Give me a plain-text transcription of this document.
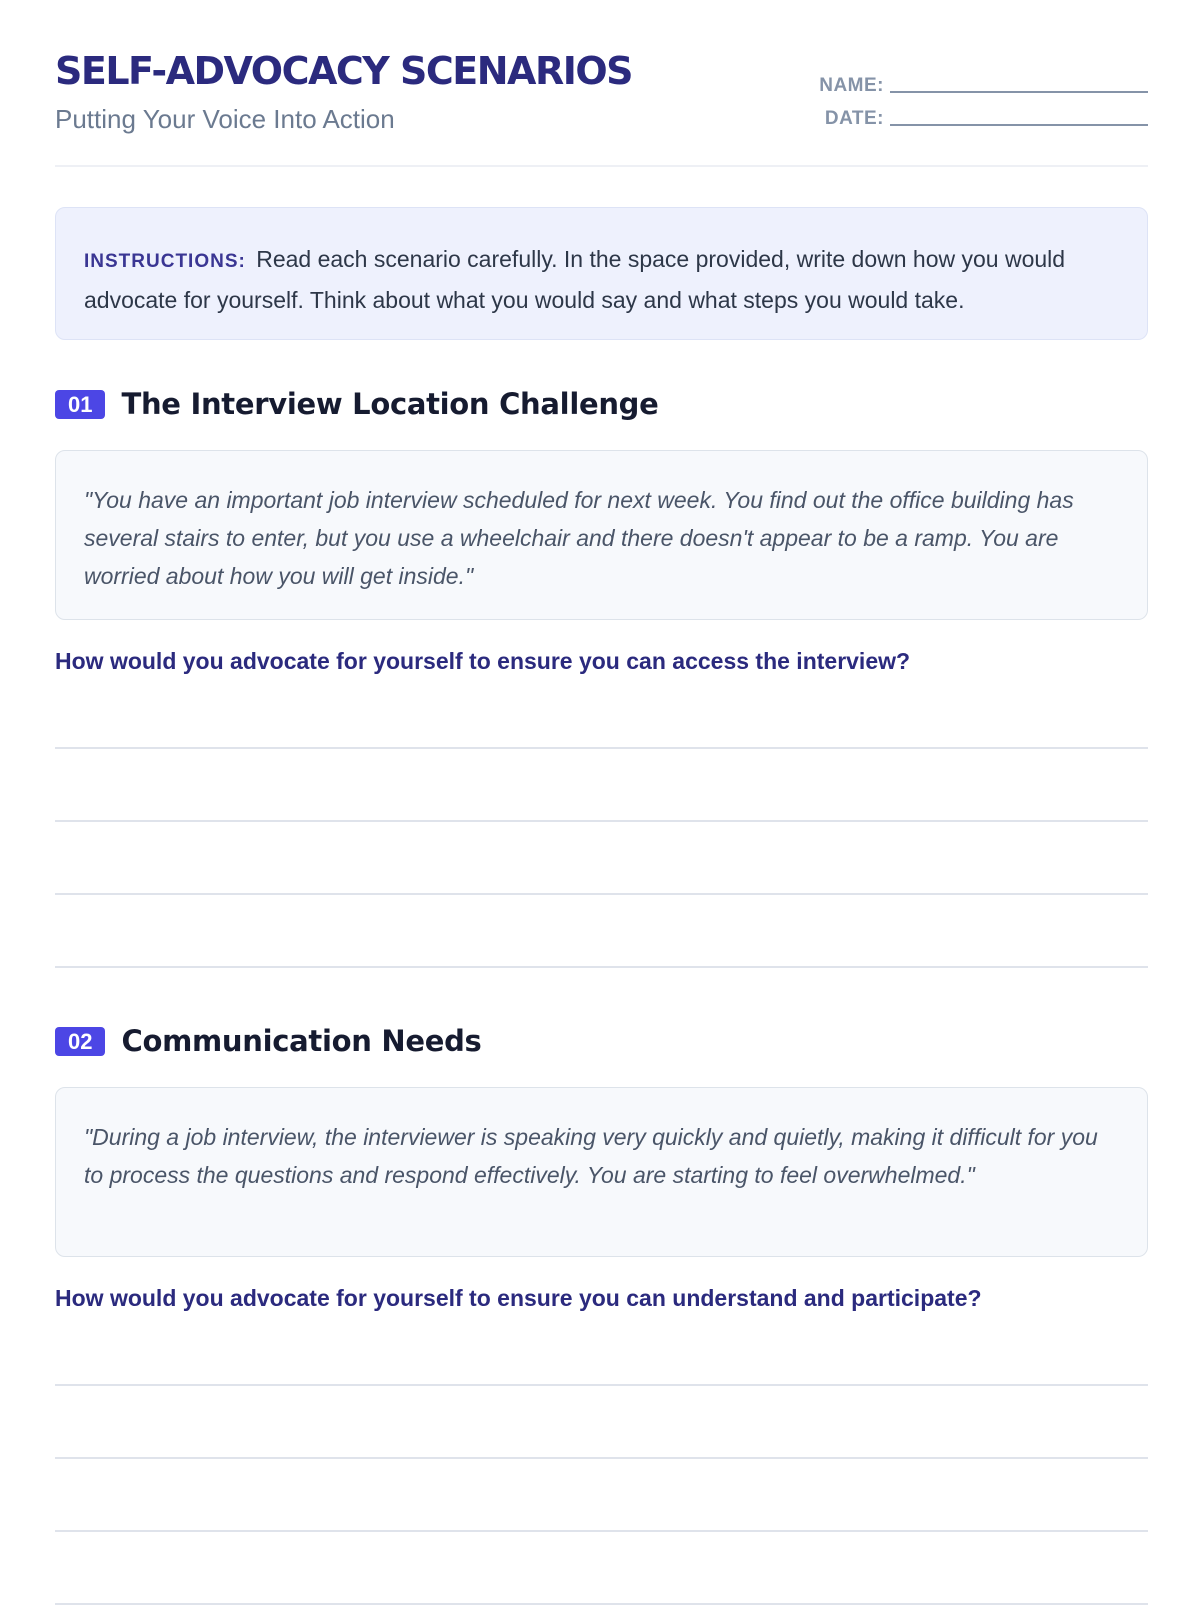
SELF-ADVOCACY SCENARIOS
Putting Your Voice Into Action
NAME:
DATE:
INSTRUCTIONS: Read each scenario carefully. In the space provided, write down how you would advocate for yourself. Think about what you would say and what steps you would take.
01	The Interview Location Challenge
"You have an important job interview scheduled for next week. You find out the office building has several stairs to enter, but you use a wheelchair and there doesn't appear to be a ramp. You are worried about how you will get inside."
How would you advocate for yourself to ensure you can access the interview?
02	Communication Needs
"During a job interview, the interviewer is speaking very quickly and quietly, making it difficult for you to process the questions and respond effectively. You are starting to feel overwhelmed."
How would you advocate for yourself to ensure you can understand and participate?
